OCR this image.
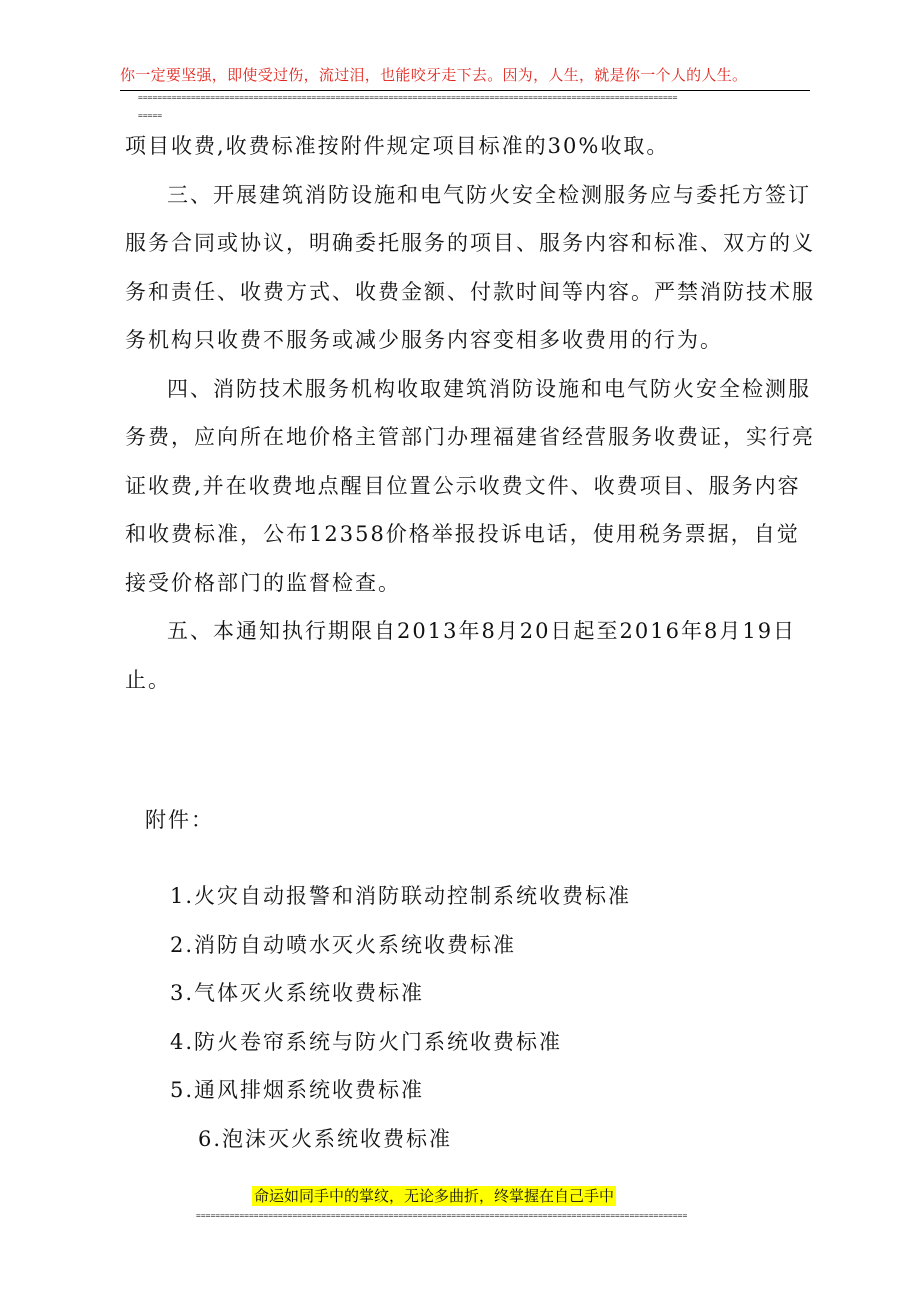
你一定要坚强，即使受过伤，流过泪，也能咬牙走下去。因为，人生，就是你一个人的人生。
================================================================================================================
=====

项目收费,收费标准按附件规定项目标准的30%收取。

三、开展建筑消防设施和电气防火安全检测服务应与委托方签订服务合同或协议，明确委托服务的项目、服务内容和标准、双方的义务和责任、收费方式、收费金额、付款时间等内容。严禁消防技术服务机构只收费不服务或减少服务内容变相多收费用的行为。

四、消防技术服务机构收取建筑消防设施和电气防火安全检测服务费，应向所在地价格主管部门办理福建省经营服务收费证，实行亮证收费,并在收费地点醒目位置公示收费文件、收费项目、服务内容和收费标准，公布12358价格举报投诉电话，使用税务票据，自觉接受价格部门的监督检查。

五、本通知执行期限自2013年8月20日起至2016年8月19日止。

附件：
1.火灾自动报警和消防联动控制系统收费标准
2.消防自动喷水灭火系统收费标准
3.气体灭火系统收费标准
4.防火卷帘系统与防火门系统收费标准
5.通风排烟系统收费标准
6.泡沫灭火系统收费标准
命运如同手中的掌纹，无论多曲折，终掌握在自己手中
======================================================================================================
